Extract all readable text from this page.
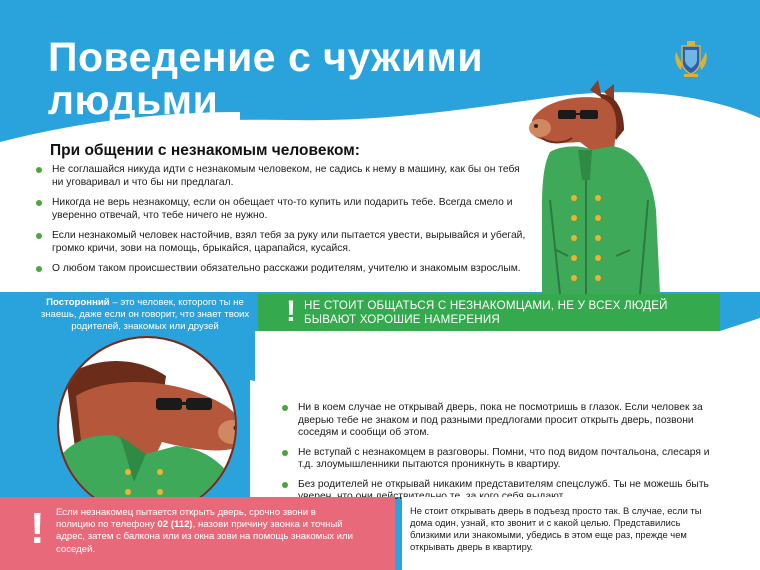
Поведение с чужими людьми
При общении с незнакомым человеком:
Не соглашайся никуда идти с незнакомым человеком, не садись к нему в машину, как бы он тебя ни уговаривал и что бы ни предлагал.
Никогда не верь незнакомцу, если он обещает что-то купить или подарить тебе. Всегда смело и уверенно отвечай, что тебе ничего не нужно.
Если незнакомый человек настойчив, взял тебя за руку или пытается увести, вырывайся и убегай, громко кричи, зови на помощь, брыкайся, царапайся, кусайся.
О любом таком происшествии обязательно расскажи родителям, учителю и знакомым взрослым.
Посторонний – это человек, которого ты не знаешь, даже если он говорит, что знает твоих родителей, знакомых или друзей	! НЕ СТОИТ ОБЩАТЬСЯ С НЕЗНАКОМЦАМИ, НЕ У ВСЕХ ЛЮДЕЙ БЫВАЮТ ХОРОШИЕ НАМЕРЕНИЯ
Если звонят в дверь квартиры
Ни в коем случае не открывай дверь, пока не посмотришь в глазок. Если человек за дверью тебе не знаком и под разными предлогами просит открыть дверь, позвони соседям и сообщи об этом.
Не вступай с незнакомцем в разговоры. Помни, что под видом почтальона, слесаря и т.д. злоумышленники пытаются проникнуть в квартиру.
Без родителей не открывай никаким представителям спецслужб. Ты не можешь быть
! Если незнакомец пытается открыть дверь, срочно звони в полицию по телефону 02 (112), назови причину звонка и точный адрес, затем с балкона или из окна зови на помощь знакомых или соседей.
Не стоит открывать дверь в подъезд просто так. В случае, если ты дома один, узнай, кто звонит и с какой целью. Представились близкими или знакомыми, убедись в этом еще раз, прежде чем открывать дверь в квартиру.
